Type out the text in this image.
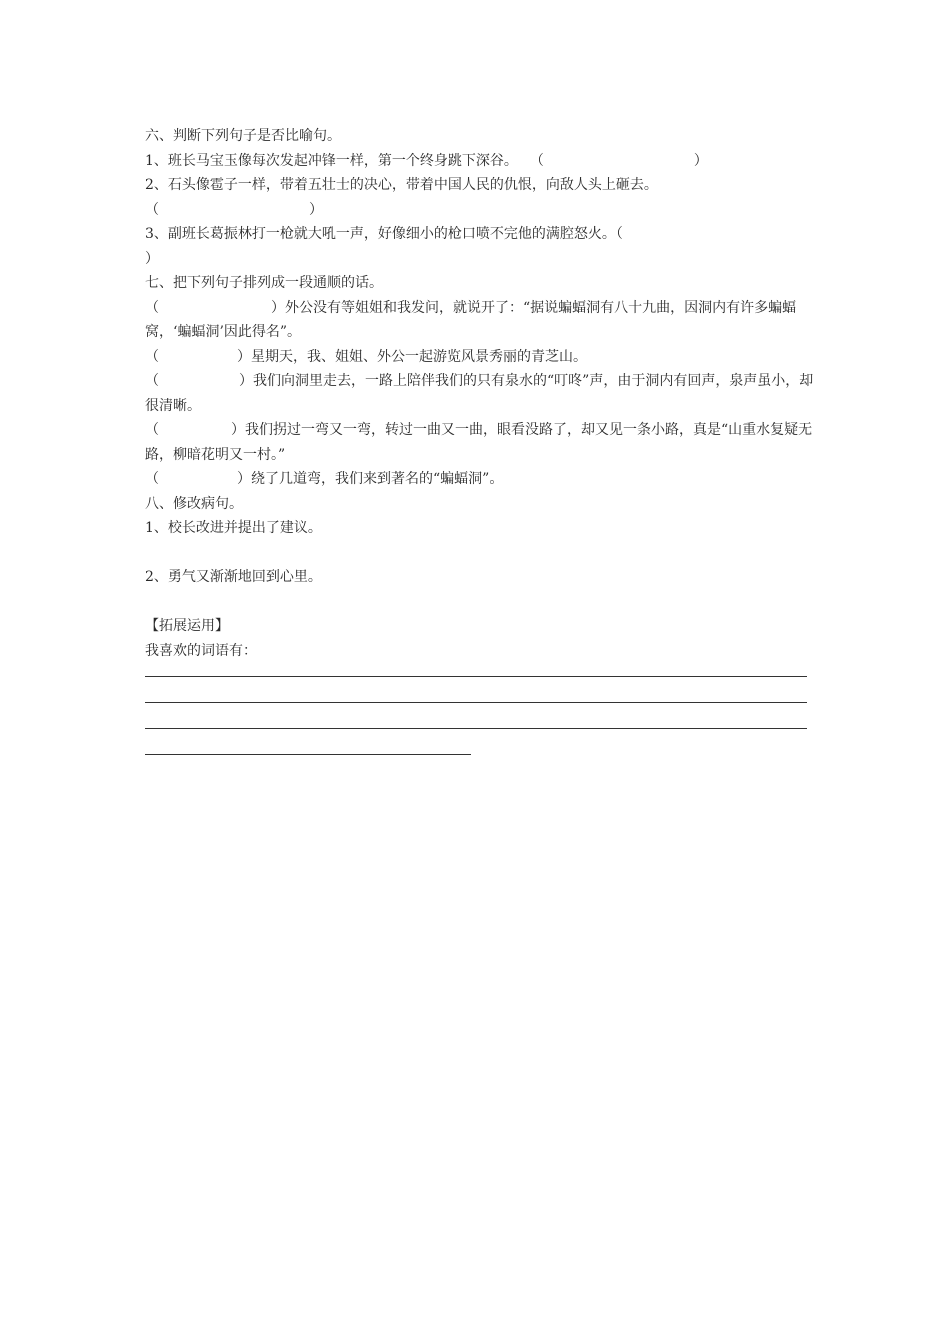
六、判断下列句子是否比喻句。
1、班长马宝玉像每次发起冲锋一样，第一个终身跳下深谷。 （	）
2、石头像雹子一样，带着五壮士的决心，带着中国人民的仇恨，向敌人头上砸去。
（	）
3、副班长葛振林打一枪就大吼一声，好像细小的枪口喷不完他的满腔怒火。（
）
七、把下列句子排列成一段通顺的话。
（	）外公没有等姐姐和我发问，就说开了：“据说蝙蝠洞有八十九曲，因洞内有许多蝙蝠窝，‘蝙蝠洞’因此得名”。
（	）星期天，我、姐姐、外公一起游览风景秀丽的青芝山。
（	）我们向洞里走去，一路上陪伴我们的只有泉水的“叮咚”声，由于洞内有回声，泉声虽小，却很清晰。
（	）我们拐过一弯又一弯，转过一曲又一曲，眼看没路了，却又见一条小路，真是“山重水复疑无路，柳暗花明又一村。”
（	）绕了几道弯，我们来到著名的“蝙蝠洞”。
八、修改病句。
1、校长改进并提出了建议。
2、勇气又渐渐地回到心里。
【拓展运用】
我喜欢的词语有：
